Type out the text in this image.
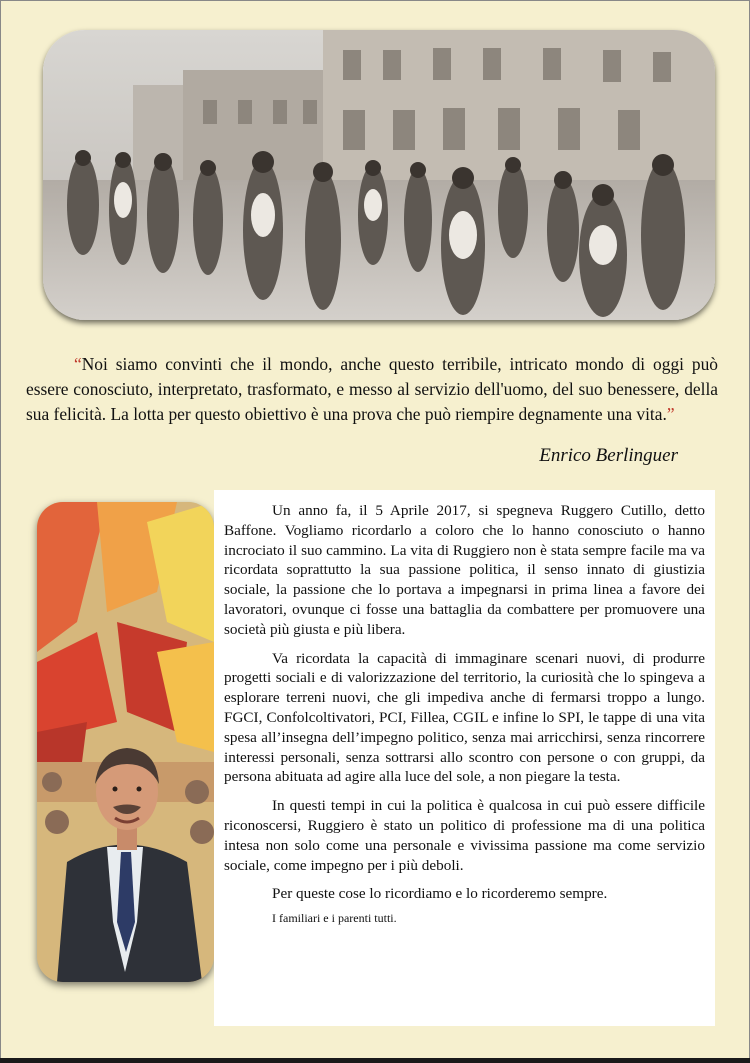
“Noi siamo convinti che il mondo, anche questo terribile, intricato mondo di oggi può essere conosciuto, interpretato, trasformato, e messo al servizio dell'uomo, del suo benessere, della sua felicità. La lotta per questo obiettivo è una prova che può riempire degnamente una vita.”
Enrico Berlinguer

Un anno fa, il 5 Aprile 2017, si spegneva Ruggero Cutillo, detto Baffone. Vogliamo ricordarlo a coloro che lo hanno conosciuto o hanno incrociato il suo cammino. La vita di Ruggiero non è stata sempre facile ma va ricordata soprattutto la sua passione politica, il senso innato di giustizia sociale, la passione che lo portava a impegnarsi in prima linea a favore dei lavoratori, ovunque ci fosse una battaglia da combattere per promuovere una società più giusta e più libera.

Va ricordata la capacità di immaginare scenari nuovi, di produrre progetti sociali e di valorizzazione del territorio, la curiosità che lo spingeva a esplorare terreni nuovi, che gli impediva anche di fermarsi troppo a lungo. FGCI, Confolcoltivatori, PCI, Fillea, CGIL e infine lo SPI, le tappe di una vita spesa all’insegna dell’impegno politico, senza mai arricchirsi, senza rincorrere interessi personali, senza sottrarsi allo scontro con persone o con gruppi, da persona abituata ad agire alla luce del sole, a non piegare la testa.

In questi tempi in cui la politica è qualcosa in cui può essere difficile riconoscersi, Ruggiero è stato un politico di professione ma di una politica intesa non solo come una personale e vivissima passione ma come servizio sociale, come impegno per i più deboli.

Per queste cose lo ricordiamo e lo ricorderemo sempre.

I familiari e i parenti tutti.
